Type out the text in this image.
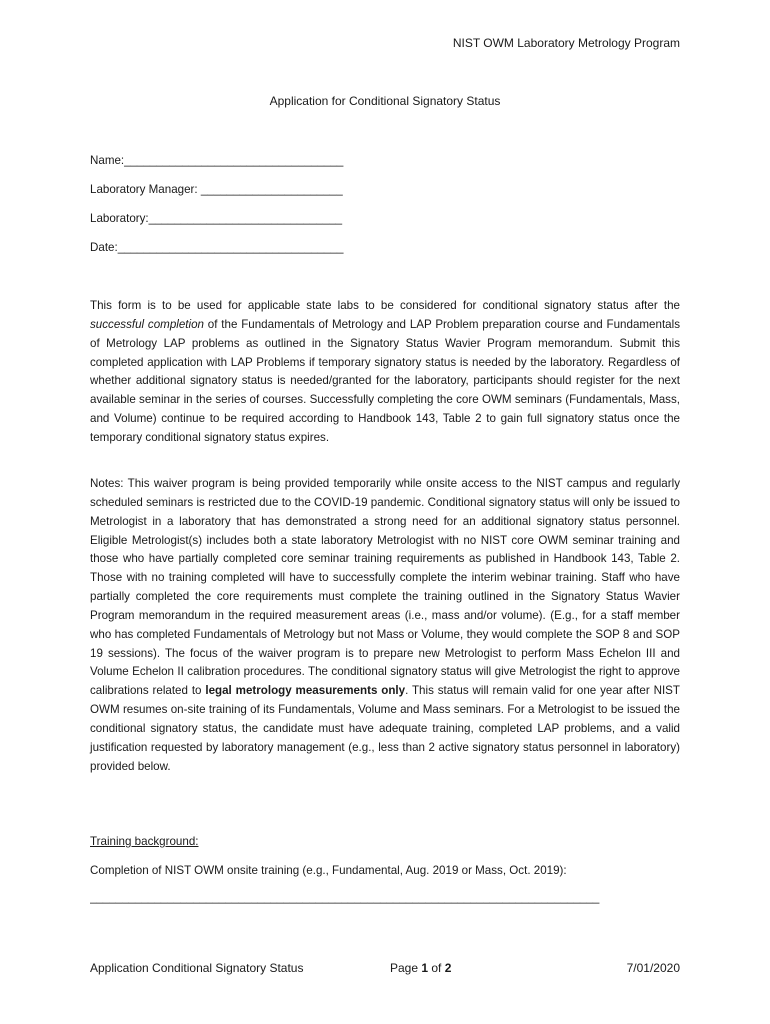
NIST OWM Laboratory Metrology Program
Application for Conditional Signatory Status
Name:__________________________________
Laboratory Manager: ______________________
Laboratory:______________________________
Date:___________________________________
This form is to be used for applicable state labs to be considered for conditional signatory status after the successful completion of the Fundamentals of Metrology and LAP Problem preparation course and Fundamentals of Metrology LAP problems as outlined in the Signatory Status Wavier Program memorandum. Submit this completed application with LAP Problems if temporary signatory status is needed by the laboratory. Regardless of whether additional signatory status is needed/granted for the laboratory, participants should register for the next available seminar in the series of courses. Successfully completing the core OWM seminars (Fundamentals, Mass, and Volume) continue to be required according to Handbook 143, Table 2 to gain full signatory status once the temporary conditional signatory status expires.
Notes: This waiver program is being provided temporarily while onsite access to the NIST campus and regularly scheduled seminars is restricted due to the COVID-19 pandemic. Conditional signatory status will only be issued to Metrologist in a laboratory that has demonstrated a strong need for an additional signatory status personnel. Eligible Metrologist(s) includes both a state laboratory Metrologist with no NIST core OWM seminar training and those who have partially completed core seminar training requirements as published in Handbook 143, Table 2. Those with no training completed will have to successfully complete the interim webinar training. Staff who have partially completed the core requirements must complete the training outlined in the Signatory Status Wavier Program memorandum in the required measurement areas (i.e., mass and/or volume). (E.g., for a staff member who has completed Fundamentals of Metrology but not Mass or Volume, they would complete the SOP 8 and SOP 19 sessions). The focus of the waiver program is to prepare new Metrologist to perform Mass Echelon III and Volume Echelon II calibration procedures. The conditional signatory status will give Metrologist the right to approve calibrations related to legal metrology measurements only. This status will remain valid for one year after NIST OWM resumes on-site training of its Fundamentals, Volume and Mass seminars. For a Metrologist to be issued the conditional signatory status, the candidate must have adequate training, completed LAP problems, and a valid justification requested by laboratory management (e.g., less than 2 active signatory status personnel in laboratory) provided below.
Training background:
Completion of NIST OWM onsite training (e.g., Fundamental, Aug. 2019 or Mass, Oct. 2019):
_______________________________________________________________________________
Application Conditional Signatory Status	Page 1 of 2	7/01/2020
